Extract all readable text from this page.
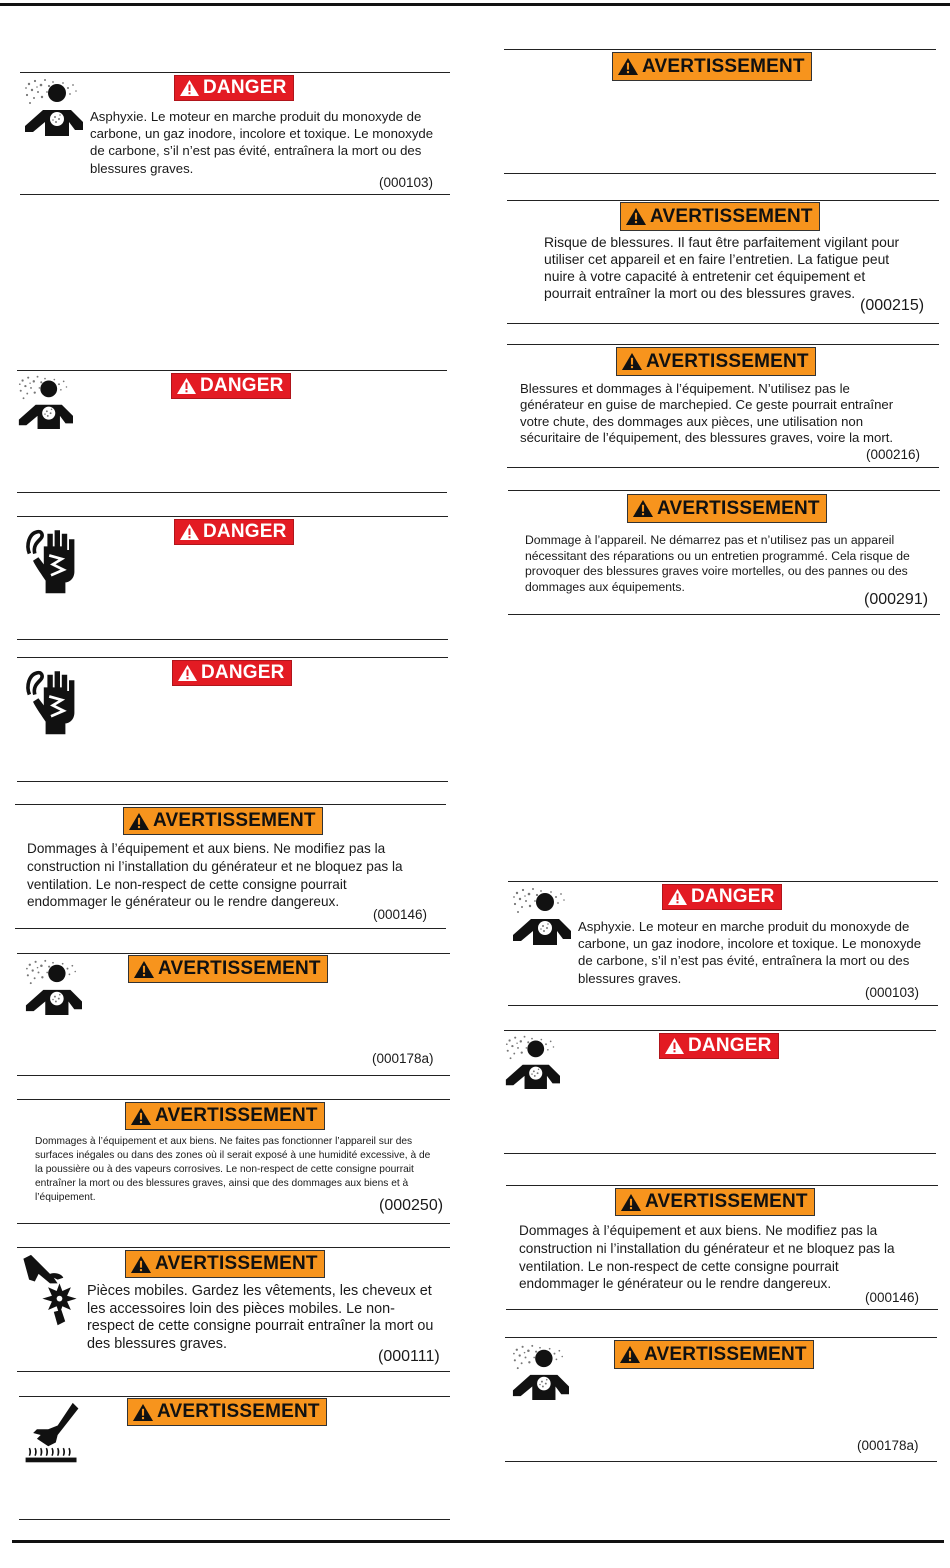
DANGER
Asphyxie. Le moteur en marche produit du monoxyde de carbone, un gaz inodore, incolore et toxique. Le monoxyde de carbone, s’il n’est pas évité, entraînera la mort ou des blessures graves.
(000103)
DANGER
DANGER
DANGER
AVERTISSEMENT
Dommages à l’équipement et aux biens. Ne modifiez pas la construction ni l’installation du générateur et ne bloquez pas la ventilation. Le non-respect de cette consigne pourrait endommager le générateur ou le rendre dangereux.
(000146)
AVERTISSEMENT
(000178a)
AVERTISSEMENT
Dommages à l’équipement et aux biens. Ne faites pas fonctionner l’appareil sur des surfaces inégales ou dans des zones où il serait exposé à une humidité excessive, à de la poussière ou à des vapeurs corrosives. Le non-respect de cette consigne pourrait entraîner la mort ou des blessures graves, ainsi que des dommages aux biens et à l’équipement.	(000250)
AVERTISSEMENT
Pièces mobiles. Gardez les vêtements, les cheveux et les accessoires loin des pièces mobiles. Le non-respect de cette consigne pourrait entraîner la mort ou des blessures graves.
(000111)
AVERTISSEMENT
AVERTISSEMENT
AVERTISSEMENT
Risque de blessures. Il faut être parfaitement vigilant pour utiliser cet appareil et en faire l’entretien. La fatigue peut nuire à votre capacité à entretenir cet équipement et pourrait entraîner la mort ou des blessures graves.
(000215)
AVERTISSEMENT
Blessures et dommages à l’équipement. N’utilisez pas le générateur en guise de marchepied. Ce geste pourrait entraîner votre chute, des dommages aux pièces, une utilisation non sécuritaire de l’équipement, des blessures graves, voire la mort.
(000216)
AVERTISSEMENT
Dommage à l’appareil. Ne démarrez pas et n’utilisez pas un appareil nécessitant des réparations ou un entretien programmé. Cela risque de provoquer des blessures graves voire mortelles, ou des pannes ou des dommages aux équipements.
(000291)
DANGER
Asphyxie. Le moteur en marche produit du monoxyde de carbone, un gaz inodore, incolore et toxique. Le monoxyde de carbone, s’il n’est pas évité, entraînera la mort ou des blessures graves.
(000103)
DANGER
AVERTISSEMENT
Dommages à l’équipement et aux biens. Ne modifiez pas la construction ni l’installation du générateur et ne bloquez pas la ventilation. Le non-respect de cette consigne pourrait endommager le générateur ou le rendre dangereux.
(000146)
AVERTISSEMENT
(000178a)
